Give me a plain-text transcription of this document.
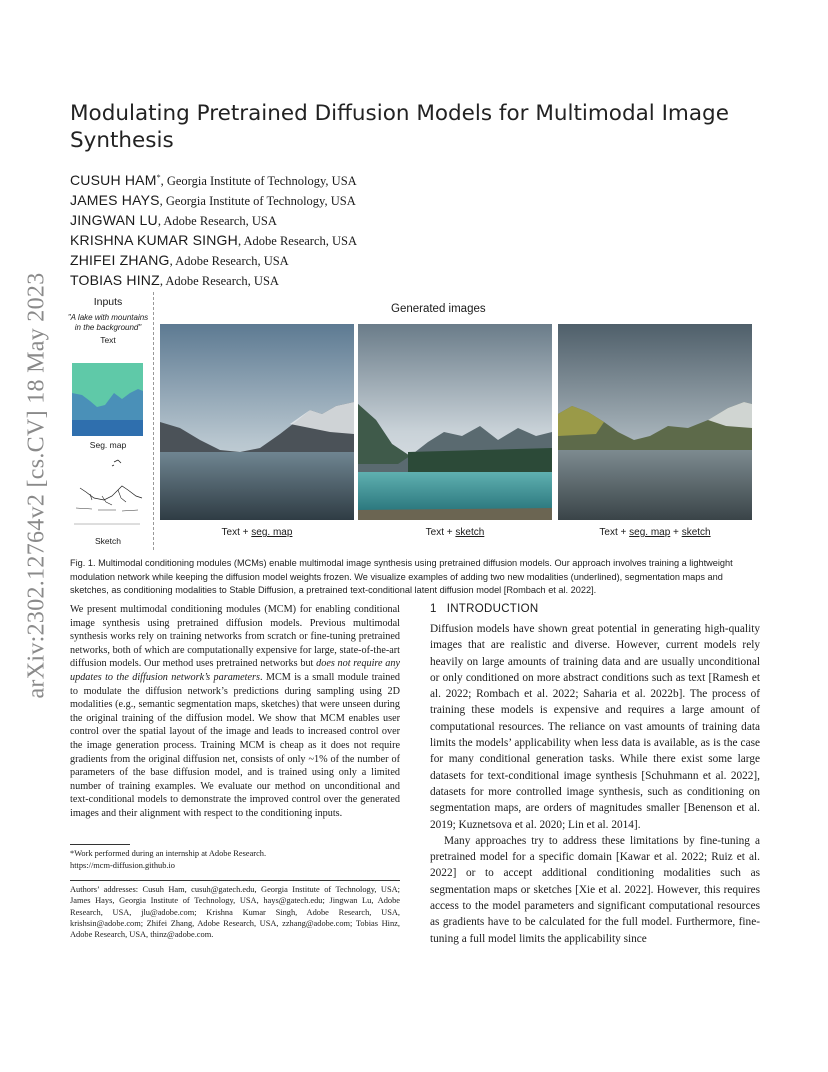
arXiv:2302.12764v2 [cs.CV] 18 May 2023
Modulating Pretrained Diffusion Models for Multimodal Image Synthesis
CUSUH HAM*, Georgia Institute of Technology, USA
JAMES HAYS, Georgia Institute of Technology, USA
JINGWAN LU, Adobe Research, USA
KRISHNA KUMAR SINGH, Adobe Research, USA
ZHIFEI ZHANG, Adobe Research, USA
TOBIAS HINZ, Adobe Research, USA
Inputs
"A lake with mountains in the background"
Text
Seg. map
Sketch
Generated images
Text + seg. map	Text + sketch	Text + seg. map + sketch
Fig. 1. Multimodal conditioning modules (MCMs) enable multimodal image synthesis using pretrained diffusion models. Our approach involves training a lightweight modulation network while keeping the diffusion model weights frozen. We visualize examples of adding two new modalities (underlined), segmentation maps and sketches, as conditioning modalities to Stable Diffusion, a pretrained text-conditional latent diffusion model [Rombach et al. 2022].

We present multimodal conditioning modules (MCM) for enabling conditional image synthesis using pretrained diffusion models. Previous multimodal synthesis works rely on training networks from scratch or fine-tuning pretrained networks, both of which are computationally expensive for large, state-of-the-art diffusion models. Our method uses pretrained networks but does not require any updates to the diffusion network’s parameters. MCM is a small module trained to modulate the diffusion network’s predictions during sampling using 2D modalities (e.g., semantic segmentation maps, sketches) that were unseen during the original training of the diffusion model. We show that MCM enables user control over the spatial layout of the image and leads to increased control over the image generation process. Training MCM is cheap as it does not require gradients from the original diffusion net, consists of only ~1% of the number of parameters of the base diffusion model, and is trained using only a limited number of training examples. We evaluate our method on unconditional and text-conditional models to demonstrate the improved control over the generated images and their alignment with respect to the conditioning inputs.

*Work performed during an internship at Adobe Research.
https://mcm-diffusion.github.io
Authors’ addresses: Cusuh Ham, cusuh@gatech.edu, Georgia Institute of Technology, USA; James Hays, Georgia Institute of Technology, USA, hays@gatech.edu; Jingwan Lu, Adobe Research, USA, jlu@adobe.com; Krishna Kumar Singh, Adobe Research, USA, krishsin@adobe.com; Zhifei Zhang, Adobe Research, USA, zzhang@adobe.com; Tobias Hinz, Adobe Research, USA, thinz@adobe.com.
1 INTRODUCTION

Diffusion models have shown great potential in generating high-quality images that are realistic and diverse. However, current models rely heavily on large amounts of training data and are usually unconditional or only conditioned on more abstract conditions such as text [Ramesh et al. 2022; Rombach et al. 2022; Saharia et al. 2022b]. The process of training these models is expensive and requires a large amount of computational resources. The reliance on vast amounts of training data limits the models’ applicability when less data is available, as is the case for many conditional generation tasks. While there exist some large datasets for text-conditional image synthesis [Schuhmann et al. 2022], datasets for more controlled image synthesis, such as conditioning on segmentation maps, are orders of magnitudes smaller [Benenson et al. 2019; Kuznetsova et al. 2020; Lin et al. 2014].

Many approaches try to address these limitations by fine-tuning a pretrained model for a specific domain [Kawar et al. 2022; Ruiz et al. 2022] or to accept additional conditioning modalities such as segmentation maps or sketches [Xie et al. 2022]. However, this requires access to the model parameters and significant computational resources as gradients have to be calculated for the full model. Furthermore, fine-tuning a full model limits the applicability since
